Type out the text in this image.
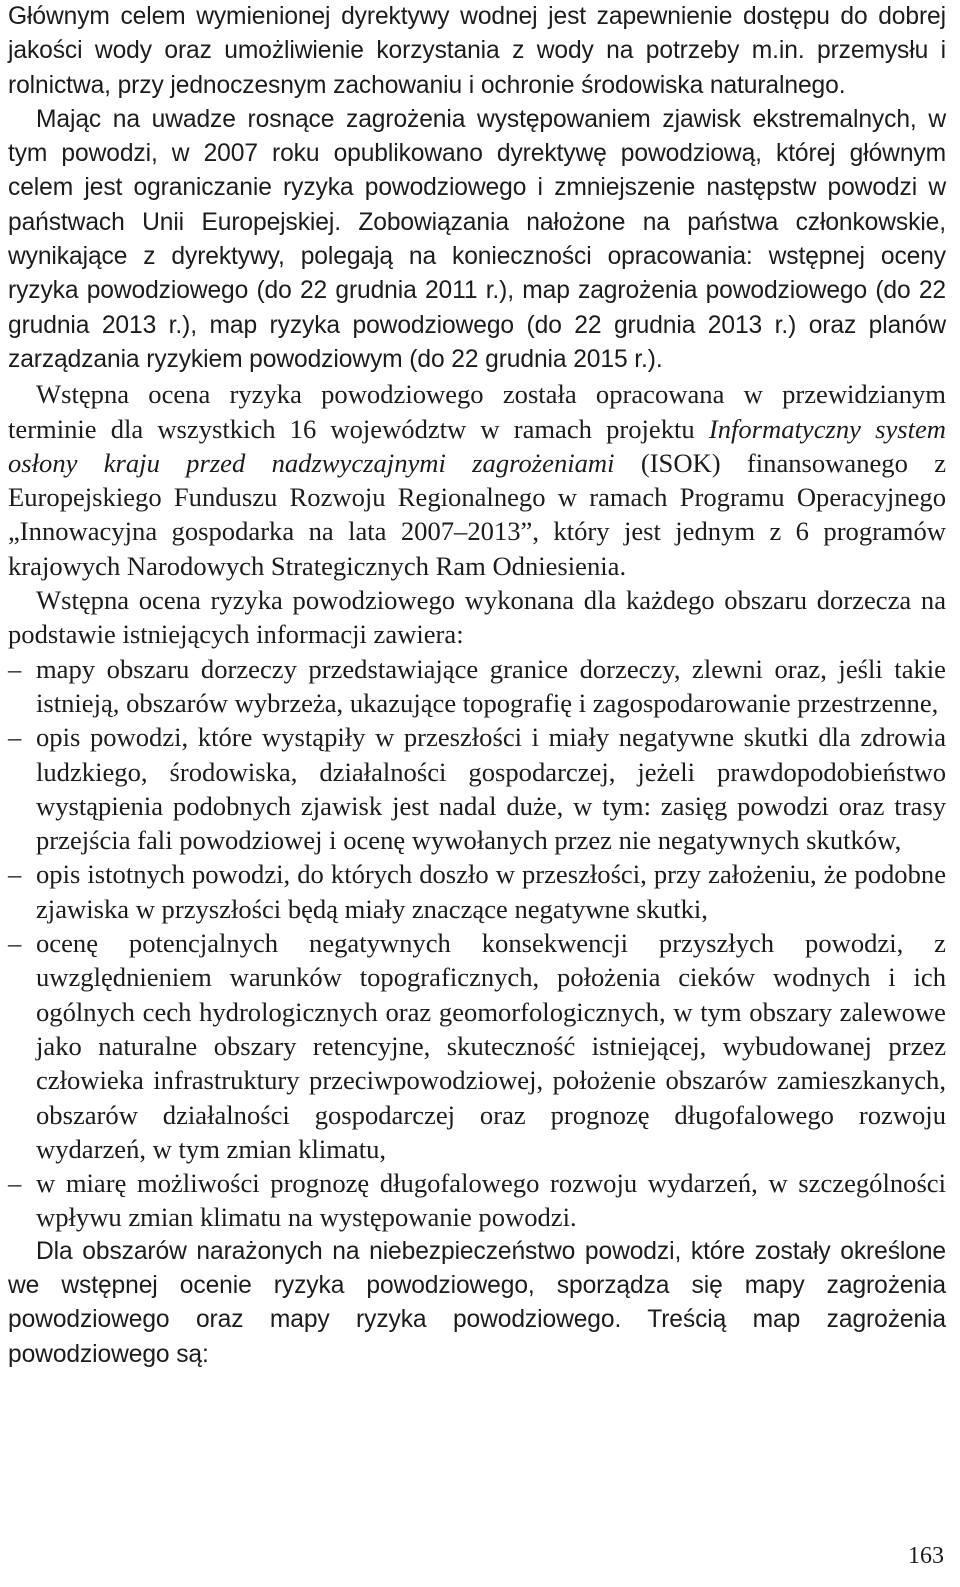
Głównym celem wymienionej dyrektywy wodnej jest zapewnienie dostępu do dobrej jakości wody oraz umożliwienie korzystania z wody na potrzeby m.in. przemysłu i rolnictwa, przy jednoczesnym zachowaniu i ochronie środowiska naturalnego.

Mając na uwadze rosnące zagrożenia występowaniem zjawisk ekstremalnych, w tym powodzi, w 2007 roku opublikowano dyrektywę powodziową, której głównym celem jest ograniczanie ryzyka powodziowego i zmniejszenie następstw powodzi w państwach Unii Europejskiej. Zobowiązania nałożone na państwa członkowskie, wynikające z dyrektywy, polegają na konieczności opracowania: wstępnej oceny ryzyka powodziowego (do 22 grudnia 2011 r.), map zagrożenia powodziowego (do 22 grudnia 2013 r.), map ryzyka powodziowego (do 22 grudnia 2013 r.) oraz planów zarządzania ryzykiem powodziowym (do 22 grudnia 2015 r.).

Wstępna ocena ryzyka powodziowego została opracowana w przewidzianym terminie dla wszystkich 16 województw w ramach projektu Informatyczny system osłony kraju przed nadzwyczajnymi zagrożeniami (ISOK) finansowanego z Europejskiego Funduszu Rozwoju Regionalnego w ramach Programu Operacyjnego „Innowacyjna gospodarka na lata 2007–2013”, który jest jednym z 6 programów krajowych Narodowych Strategicznych Ram Odniesienia.

Wstępna ocena ryzyka powodziowego wykonana dla każdego obszaru dorzecza na podstawie istniejących informacji zawiera:

– mapy obszaru dorzeczy przedstawiające granice dorzeczy, zlewni oraz, jeśli takie istnieją, obszarów wybrzeża, ukazujące topografię i zagospodarowanie przestrzenne,
– opis powodzi, które wystąpiły w przeszłości i miały negatywne skutki dla zdrowia ludzkiego, środowiska, działalności gospodarczej, jeżeli prawdopodobieństwo wystąpienia podobnych zjawisk jest nadal duże, w tym: zasięg powodzi oraz trasy przejścia fali powodziowej i ocenę wywołanych przez nie negatywnych skutków,
– opis istotnych powodzi, do których doszło w przeszłości, przy założeniu, że podobne zjawiska w przyszłości będą miały znaczące negatywne skutki,
– ocenę potencjalnych negatywnych konsekwencji przyszłych powodzi, z uwzględnieniem warunków topograficznych, położenia cieków wodnych i ich ogólnych cech hydrologicznych oraz geomorfologicznych, w tym obszary zalewowe jako naturalne obszary retencyjne, skuteczność istniejącej, wybudowanej przez człowieka infrastruktury przeciwpowodziowej, położenie obszarów zamieszkanych, obszarów działalności gospodarczej oraz prognozę długofalowego rozwoju wydarzeń, w tym zmian klimatu,
– w miarę możliwości prognozę długofalowego rozwoju wydarzeń, w szczególności wpływu zmian klimatu na występowanie powodzi.

Dla obszarów narażonych na niebezpieczeństwo powodzi, które zostały określone we wstępnej ocenie ryzyka powodziowego, sporządza się mapy zagrożenia powodziowego oraz mapy ryzyka powodziowego. Treścią map zagrożenia powodziowego są:

163
